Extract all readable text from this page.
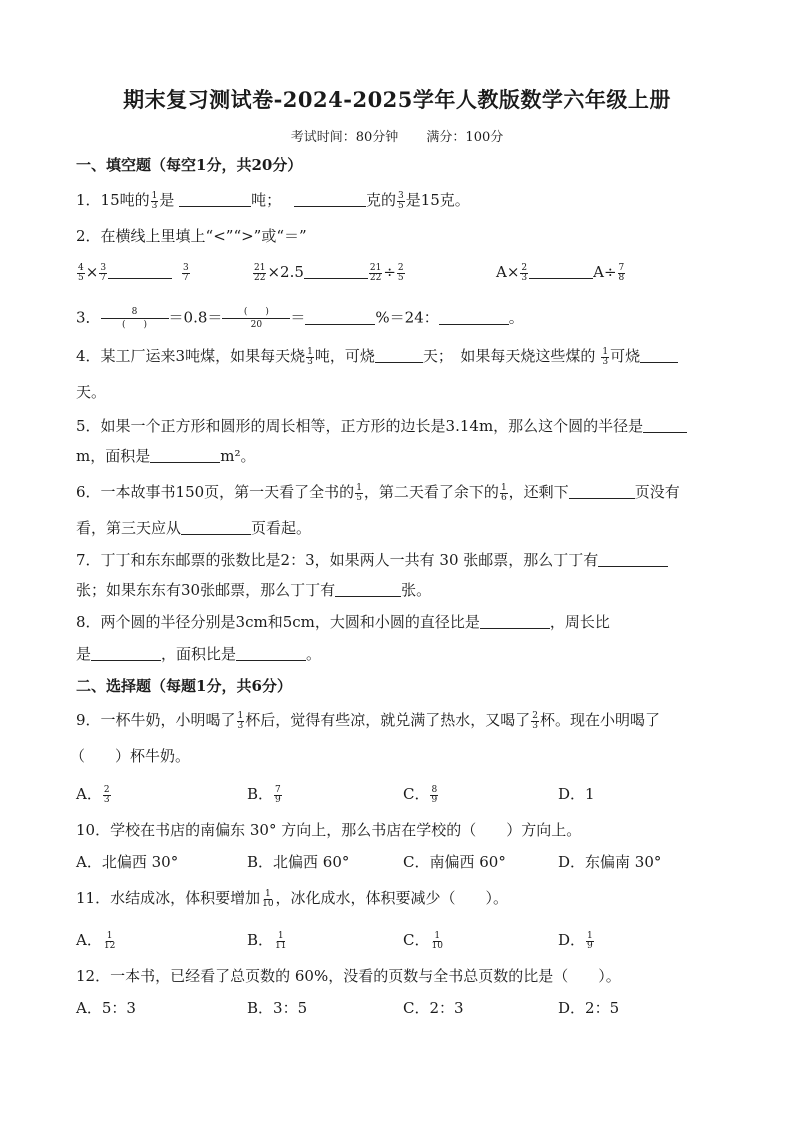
期末复习测试卷-2024-2025学年人教版数学六年级上册
考试时间：80分钟 满分：100分
一、填空题（每空1分，共20分）
1．15吨的 $\frac{1}{3}$ 是	吨；	克的 $\frac{3}{5}$ 是15克。
2．在横线上里填上“<”“>”或“＝”
$\frac{4}{5} \times \frac{3}{7}$	$\frac{3}{7}$	$\frac{21}{22} \times 2.5$	$\frac{21}{22} \div \frac{2}{5}$	$A\times \frac{2}{3}$	$A\div \frac{7}{8}$
3． $\frac{8}{( )} =0.8= \frac{( )}{20}$ ＝	%＝24：	。
4．某工厂运来3吨煤，如果每天烧 $\frac{1}{3}$ 吨，可烧	天；　如果每天烧这些煤的 $\frac{1}{3}$ 可烧
天。
5．如果一个正方形和圆形的周长相等，正方形的边长是3.14m，那么这个圆的半径是
m，面积是	m²。
6．一本故事书150页，第一天看了全书的 $\frac{1}{5}$ ，第二天看了余下的 $\frac{1}{6}$ ，还剩下	页没有
看，第三天应从	页看起。
7．丁丁和东东邮票的张数比是2：3，如果两人一共有 30 张邮票，那么丁丁有
张；如果东东有30张邮票，那么丁丁有	张。
8．两个圆的半径分别是3cm和5cm，大圆和小圆的直径比是	，周长比
是	，面积比是	。
二、选择题（每题1分，共6分）
9．一杯牛奶，小明喝了 $\frac{1}{3}$ 杯后，觉得有些凉，就兑满了热水，又喝了 $\frac{2}{3}$ 杯。现在小明喝了
（　　）杯牛奶。
A． $\frac{2}{3}$	B． $\frac{7}{9}$	C． $\frac{8}{9}$	D．1
10．学校在书店的南偏东 30° 方向上，那么书店在学校的（　　）方向上。
A．北偏西 30°	B．北偏西 60°	C．南偏西 60°	D．东偏南 30°
11．水结成冰，体积要增加 $\frac{1}{10}$ ，冰化成水，体积要减少（　　）。
A． $\frac{1}{12}$	B． $\frac{1}{11}$	C． $\frac{1}{10}$	D． $\frac{1}{9}$
12．一本书，已经看了总页数的 60%，没看的页数与全书总页数的比是（　　）。
A．5：3	B．3：5	C．2：3	D．2：5
